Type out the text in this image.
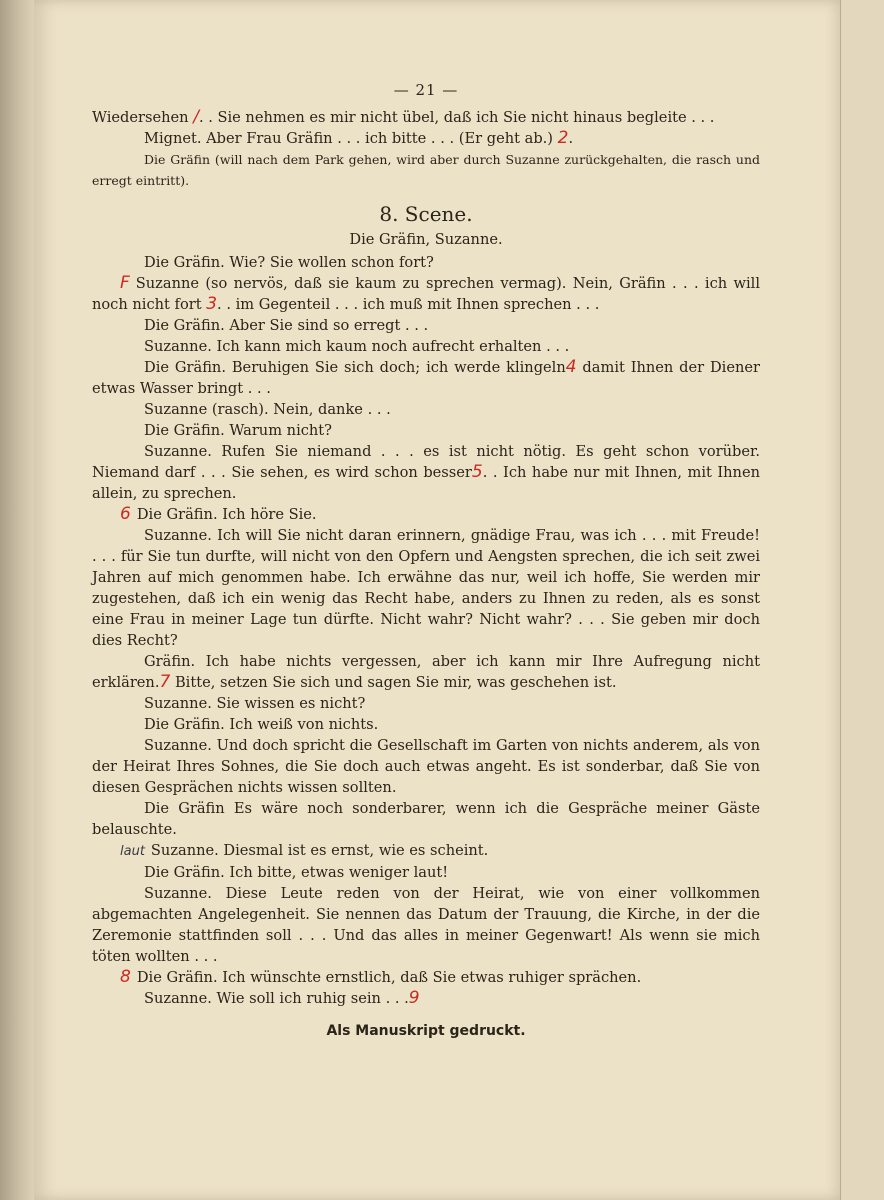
— 21 —

Wiedersehen /. . Sie nehmen es mir nicht übel, daß ich Sie nicht hinaus begleite . . .

Mignet. Aber Frau Gräfin . . . ich bitte . . . (Er geht ab.) 2.

Die Gräfin (will nach dem Park gehen, wird aber durch Suzanne zurückgehalten, die rasch und erregt eintritt).

8. Scene.
Die Gräfin, Suzanne.

Die Gräfin. Wie? Sie wollen schon fort?

F Suzanne (so nervös, daß sie kaum zu sprechen vermag). Nein, Gräfin . . . ich will noch nicht fort 3. . im Gegenteil . . . ich muß mit Ihnen sprechen . . .

Die Gräfin. Aber Sie sind so erregt . . .

Suzanne. Ich kann mich kaum noch aufrecht erhalten . . .

Die Gräfin. Beruhigen Sie sich doch; ich werde klingeln4 damit Ihnen der Diener etwas Wasser bringt . . .

Suzanne (rasch). Nein, danke . . .

Die Gräfin. Warum nicht?

Suzanne. Rufen Sie niemand . . . es ist nicht nötig. Es geht schon vorüber. Niemand darf . . . Sie sehen, es wird schon besser5. . Ich habe nur mit Ihnen, mit Ihnen allein, zu sprechen.

6 Die Gräfin. Ich höre Sie.

Suzanne. Ich will Sie nicht daran erinnern, gnädige Frau, was ich . . . mit Freude! . . . für Sie tun durfte, will nicht von den Opfern und Aengsten sprechen, die ich seit zwei Jahren auf mich genommen habe. Ich erwähne das nur, weil ich hoffe, Sie werden mir zugestehen, daß ich ein wenig das Recht habe, anders zu Ihnen zu reden, als es sonst eine Frau in meiner Lage tun dürfte. Nicht wahr? Nicht wahr? . . . Sie geben mir doch dies Recht?

Gräfin. Ich habe nichts vergessen, aber ich kann mir Ihre Aufregung nicht erklären.7 Bitte, setzen Sie sich und sagen Sie mir, was geschehen ist.

Suzanne. Sie wissen es nicht?

Die Gräfin. Ich weiß von nichts.

Suzanne. Und doch spricht die Gesellschaft im Garten von nichts anderem, als von der Heirat Ihres Sohnes, die Sie doch auch etwas angeht. Es ist sonderbar, daß Sie von diesen Gesprächen nichts wissen sollten.

Die Gräfin Es wäre noch sonderbarer, wenn ich die Gespräche meiner Gäste belauschte.

laut Suzanne. Diesmal ist es ernst, wie es scheint.

Die Gräfin. Ich bitte, etwas weniger laut!

Suzanne. Diese Leute reden von der Heirat, wie von einer vollkommen abgemachten Angelegenheit. Sie nennen das Datum der Trauung, die Kirche, in der die Zeremonie stattfinden soll . . . Und das alles in meiner Gegenwart! Als wenn sie mich töten wollten . . .

8 Die Gräfin. Ich wünschte ernstlich, daß Sie etwas ruhiger sprächen.

Suzanne. Wie soll ich ruhig sein . . .9

Als Manuskript gedruckt.
